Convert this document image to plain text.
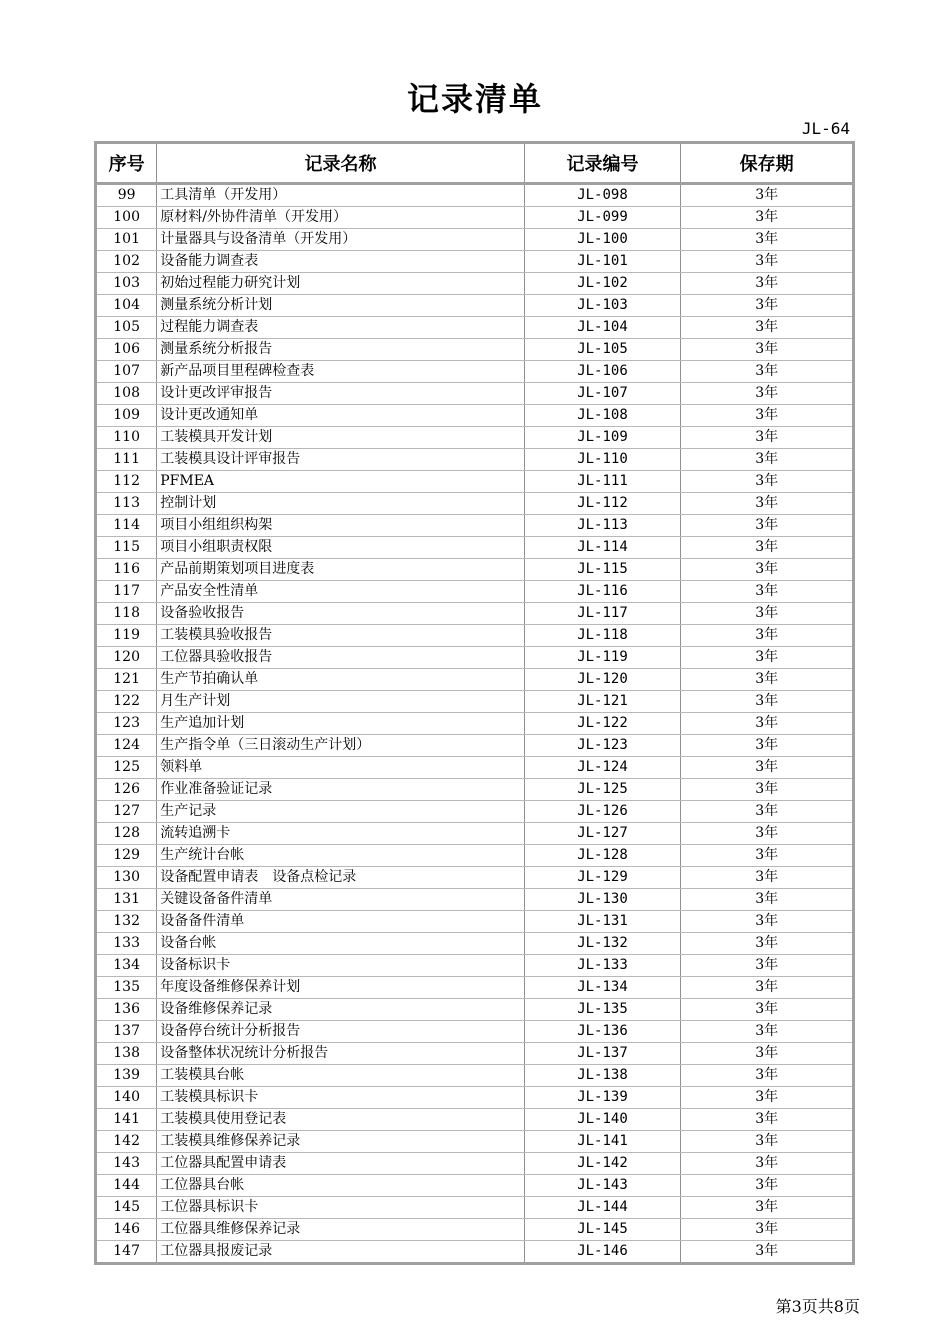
记录清单
JL-64
序号	记录名称	记录编号	保存期
99	工具清单（开发用）	JL-098	3年
100	原材料/外协件清单（开发用）	JL-099	3年
101	计量器具与设备清单（开发用）	JL-100	3年
102	设备能力调查表	JL-101	3年
103	初始过程能力研究计划	JL-102	3年
104	测量系统分析计划	JL-103	3年
105	过程能力调查表	JL-104	3年
106	测量系统分析报告	JL-105	3年
107	新产品项目里程碑检查表	JL-106	3年
108	设计更改评审报告	JL-107	3年
109	设计更改通知单	JL-108	3年
110	工装模具开发计划	JL-109	3年
111	工装模具设计评审报告	JL-110	3年
112	PFMEA	JL-111	3年
113	控制计划	JL-112	3年
114	项目小组组织构架	JL-113	3年
115	项目小组职责权限	JL-114	3年
116	产品前期策划项目进度表	JL-115	3年
117	产品安全性清单	JL-116	3年
118	设备验收报告	JL-117	3年
119	工装模具验收报告	JL-118	3年
120	工位器具验收报告	JL-119	3年
121	生产节拍确认单	JL-120	3年
122	月生产计划	JL-121	3年
123	生产追加计划	JL-122	3年
124	生产指令单（三日滚动生产计划）	JL-123	3年
125	领料单	JL-124	3年
126	作业准备验证记录	JL-125	3年
127	生产记录	JL-126	3年
128	流转追溯卡	JL-127	3年
129	生产统计台帐	JL-128	3年
130	设备配置申请表　设备点检记录	JL-129	3年
131	关键设备备件清单	JL-130	3年
132	设备备件清单	JL-131	3年
133	设备台帐	JL-132	3年
134	设备标识卡	JL-133	3年
135	年度设备维修保养计划	JL-134	3年
136	设备维修保养记录	JL-135	3年
137	设备停台统计分析报告	JL-136	3年
138	设备整体状况统计分析报告	JL-137	3年
139	工装模具台帐	JL-138	3年
140	工装模具标识卡	JL-139	3年
141	工装模具使用登记表	JL-140	3年
142	工装模具维修保养记录	JL-141	3年
143	工位器具配置申请表	JL-142	3年
144	工位器具台帐	JL-143	3年
145	工位器具标识卡	JL-144	3年
146	工位器具维修保养记录	JL-145	3年
147	工位器具报废记录	JL-146	3年
第3页共8页
